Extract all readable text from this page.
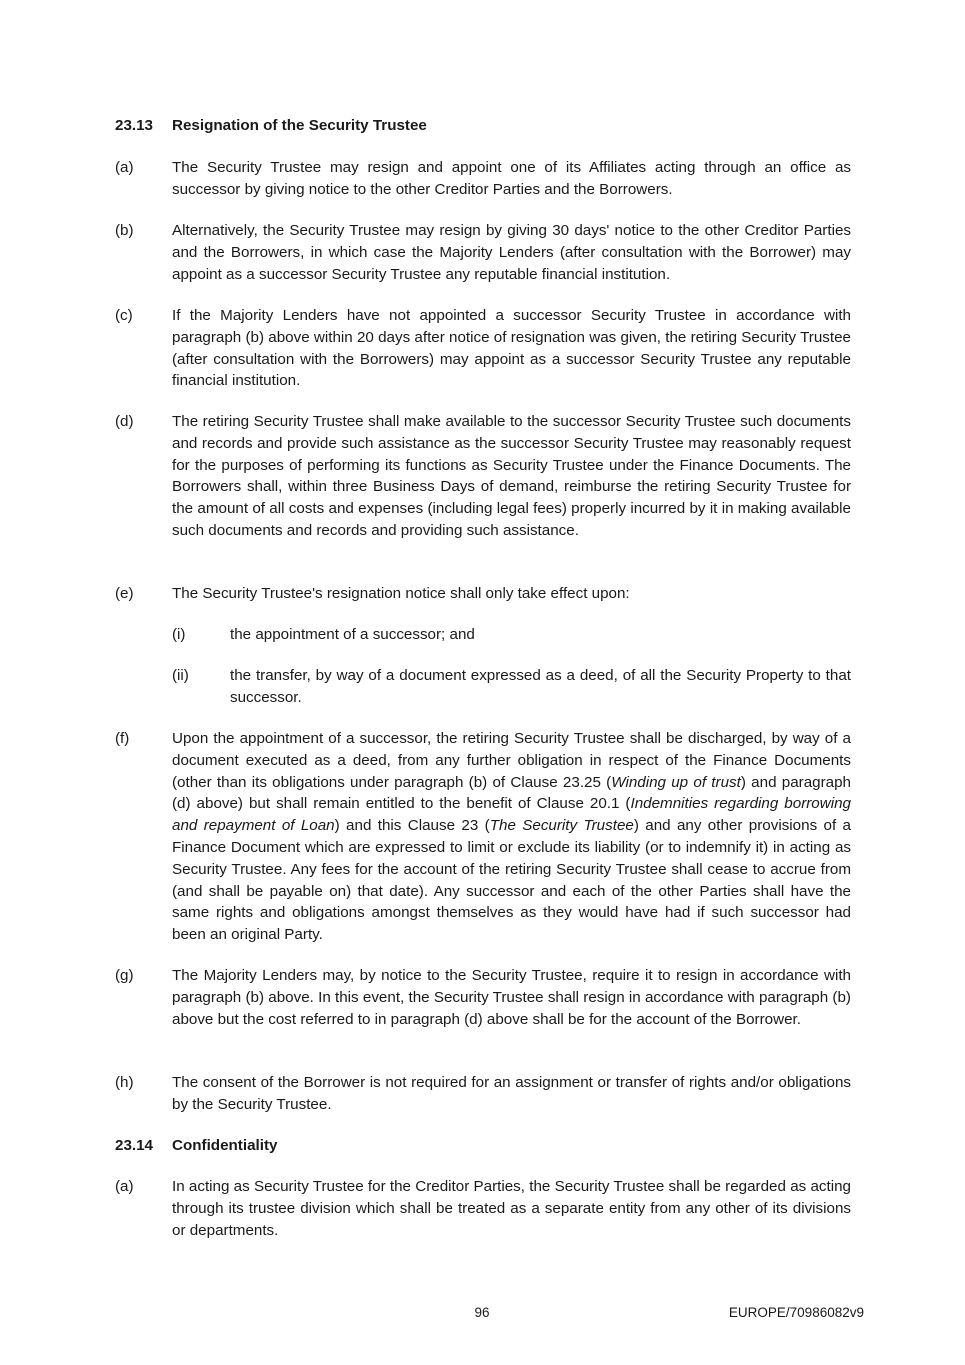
23.13 Resignation of the Security Trustee
(a)	The Security Trustee may resign and appoint one of its Affiliates acting through an office as successor by giving notice to the other Creditor Parties and the Borrowers.
(b)	Alternatively, the Security Trustee may resign by giving 30 days' notice to the other Creditor Parties and the Borrowers, in which case the Majority Lenders (after consultation with the Borrower) may appoint as a successor Security Trustee any reputable financial institution.
(c)	If the Majority Lenders have not appointed a successor Security Trustee in accordance with paragraph (b) above within 20 days after notice of resignation was given, the retiring Security Trustee (after consultation with the Borrowers) may appoint as a successor Security Trustee any reputable financial institution.
(d)	The retiring Security Trustee shall make available to the successor Security Trustee such documents and records and provide such assistance as the successor Security Trustee may reasonably request for the purposes of performing its functions as Security Trustee under the Finance Documents. The Borrowers shall, within three Business Days of demand, reimburse the retiring Security Trustee for the amount of all costs and expenses (including legal fees) properly incurred by it in making available such documents and records and providing such assistance.
(e)	The Security Trustee's resignation notice shall only take effect upon:
(i)	the appointment of a successor; and
(ii)	the transfer, by way of a document expressed as a deed, of all the Security Property to that successor.
(f)	Upon the appointment of a successor, the retiring Security Trustee shall be discharged, by way of a document executed as a deed, from any further obligation in respect of the Finance Documents (other than its obligations under paragraph (b) of Clause 23.25 (Winding up of trust) and paragraph (d) above) but shall remain entitled to the benefit of Clause 20.1 (Indemnities regarding borrowing and repayment of Loan) and this Clause 23 (The Security Trustee) and any other provisions of a Finance Document which are expressed to limit or exclude its liability (or to indemnify it) in acting as Security Trustee. Any fees for the account of the retiring Security Trustee shall cease to accrue from (and shall be payable on) that date). Any successor and each of the other Parties shall have the same rights and obligations amongst themselves as they would have had if such successor had been an original Party.
(g)	The Majority Lenders may, by notice to the Security Trustee, require it to resign in accordance with paragraph (b) above. In this event, the Security Trustee shall resign in accordance with paragraph (b) above but the cost referred to in paragraph (d) above shall be for the account of the Borrower.
(h)	The consent of the Borrower is not required for an assignment or transfer of rights and/or obligations by the Security Trustee.
23.14 Confidentiality
(a)	In acting as Security Trustee for the Creditor Parties, the Security Trustee shall be regarded as acting through its trustee division which shall be treated as a separate entity from any other of its divisions or departments.
96	EUROPE/70986082v9
